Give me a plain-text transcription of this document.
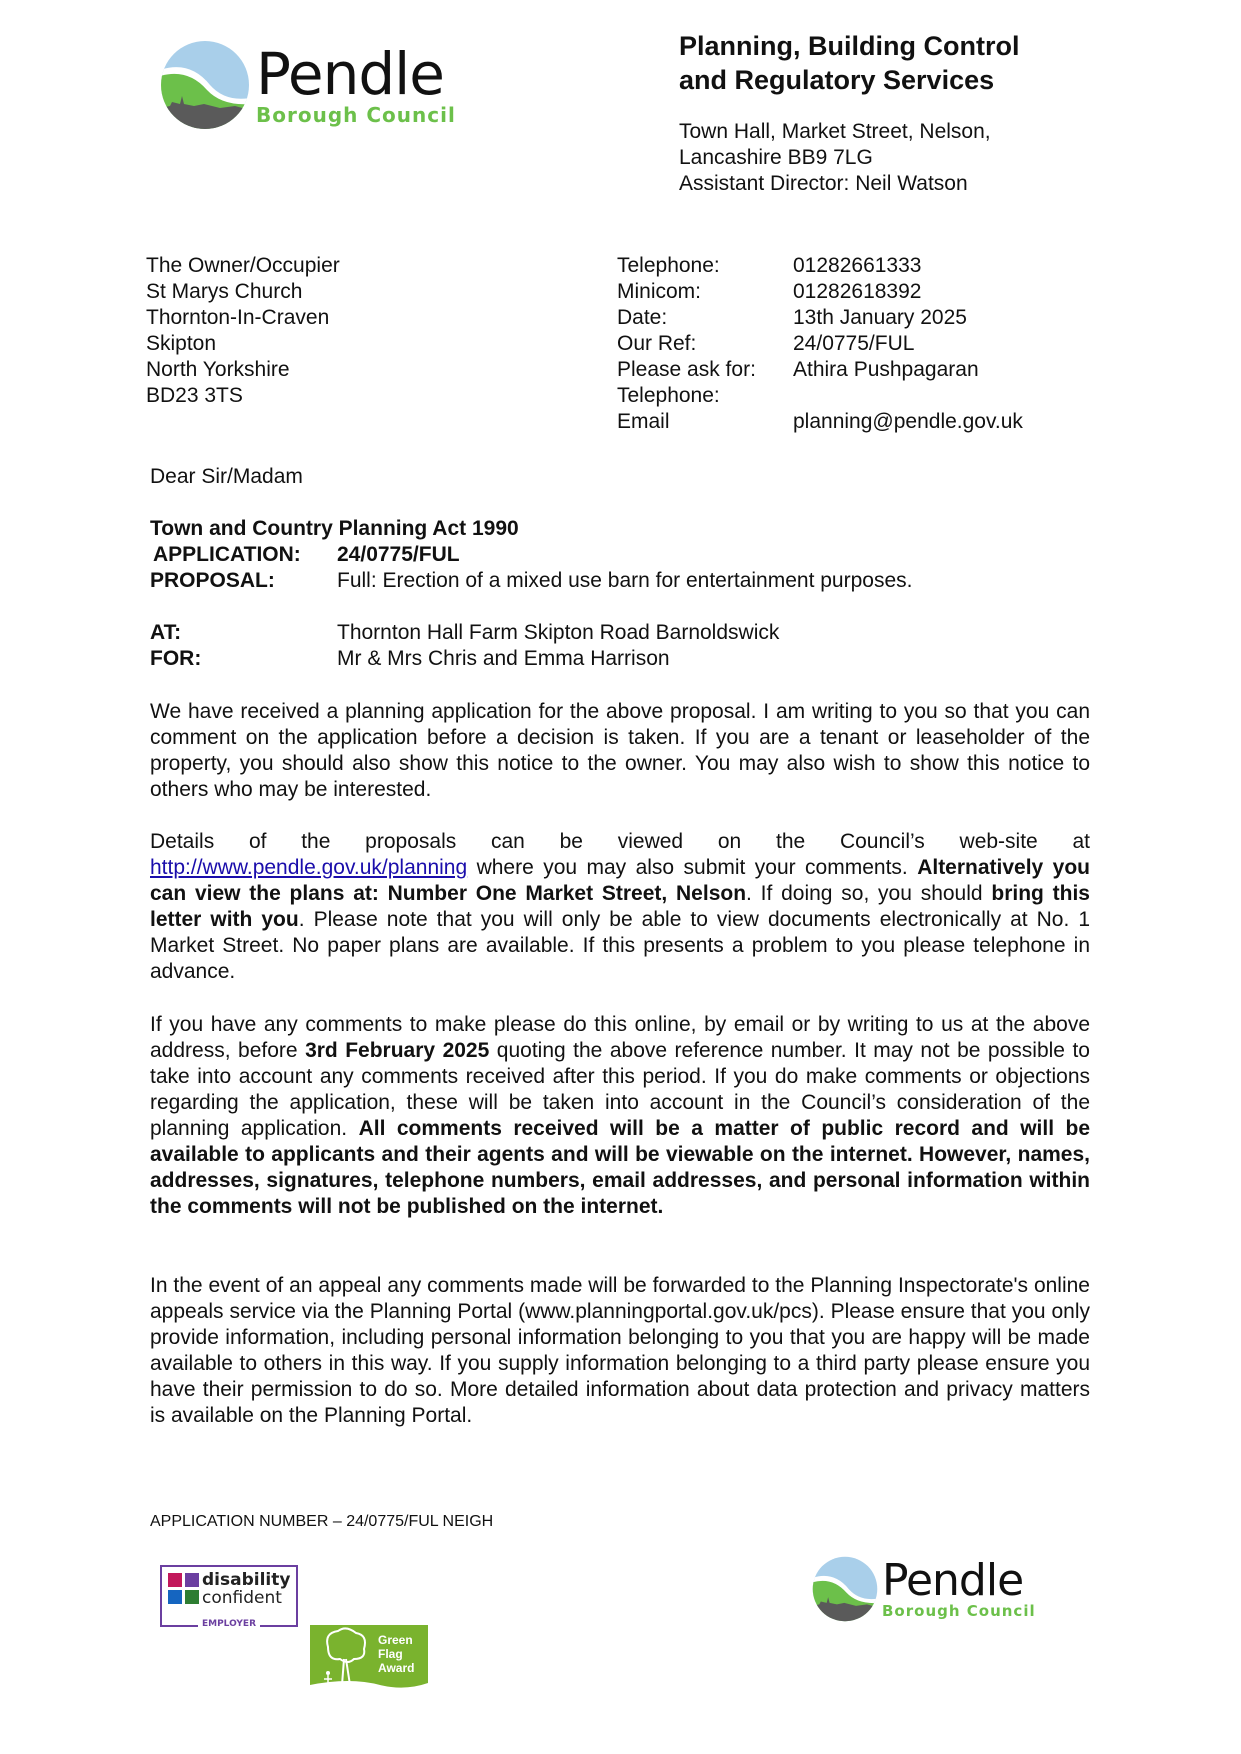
Pendle
Borough Council
Planning, Building Control
and Regulatory Services
Town Hall, Market Street, Nelson,
Lancashire BB9 7LG
Assistant Director: Neil Watson
The Owner/Occupier
St Marys Church
Thornton-In-Craven
Skipton
North Yorkshire
BD23 3TS
Telephone:	01282661333
Minicom:	01282618392
Date:	13th January 2025
Our Ref:	24/0775/FUL
Please ask for:	Athira Pushpagaran
Telephone:
Email	planning@pendle.gov.uk
Dear Sir/Madam
Town and Country Planning Act 1990
APPLICATION:	24/0775/FUL
PROPOSAL:	Full: Erection of a mixed use barn for entertainment purposes.
AT:	Thornton Hall Farm Skipton Road Barnoldswick
FOR:	Mr & Mrs Chris and Emma Harrison

We have received a planning application for the above proposal. I am writing to you so that you can comment on the application before a decision is taken. If you are a tenant or leaseholder of the property, you should also show this notice to the owner. You may also wish to show this notice to others who may be interested.

Details of the proposals can be viewed on the Council’s web-site at http://www.pendle.gov.uk/planning where you may also submit your comments. Alternatively you can view the plans at: Number One Market Street, Nelson. If doing so, you should bring this letter with you. Please note that you will only be able to view documents electronically at No. 1 Market Street. No paper plans are available. If this presents a problem to you please telephone in advance.

If you have any comments to make please do this online, by email or by writing to us at the above address, before 3rd February 2025 quoting the above reference number. It may not be possible to take into account any comments received after this period. If you do make comments or objections regarding the application, these will be taken into account in the Council’s consideration of the planning application. All comments received will be a matter of public record and will be available to applicants and their agents and will be viewable on the internet. However, names, addresses, signatures, telephone numbers, email addresses, and personal information within the comments will not be published on the internet.

In the event of an appeal any comments made will be forwarded to the Planning Inspectorate's online appeals service via the Planning Portal (www.planningportal.gov.uk/pcs). Please ensure that you only provide information, including personal information belonging to you that you are happy will be made available to others in this way. If you supply information belonging to a third party please ensure you have their permission to do so. More detailed information about data protection and privacy matters is available on the Planning Portal.

APPLICATION NUMBER – 24/0775/FUL NEIGH
disability
confident
EMPLOYER
Green
Flag
Award
Pendle
Borough Council
